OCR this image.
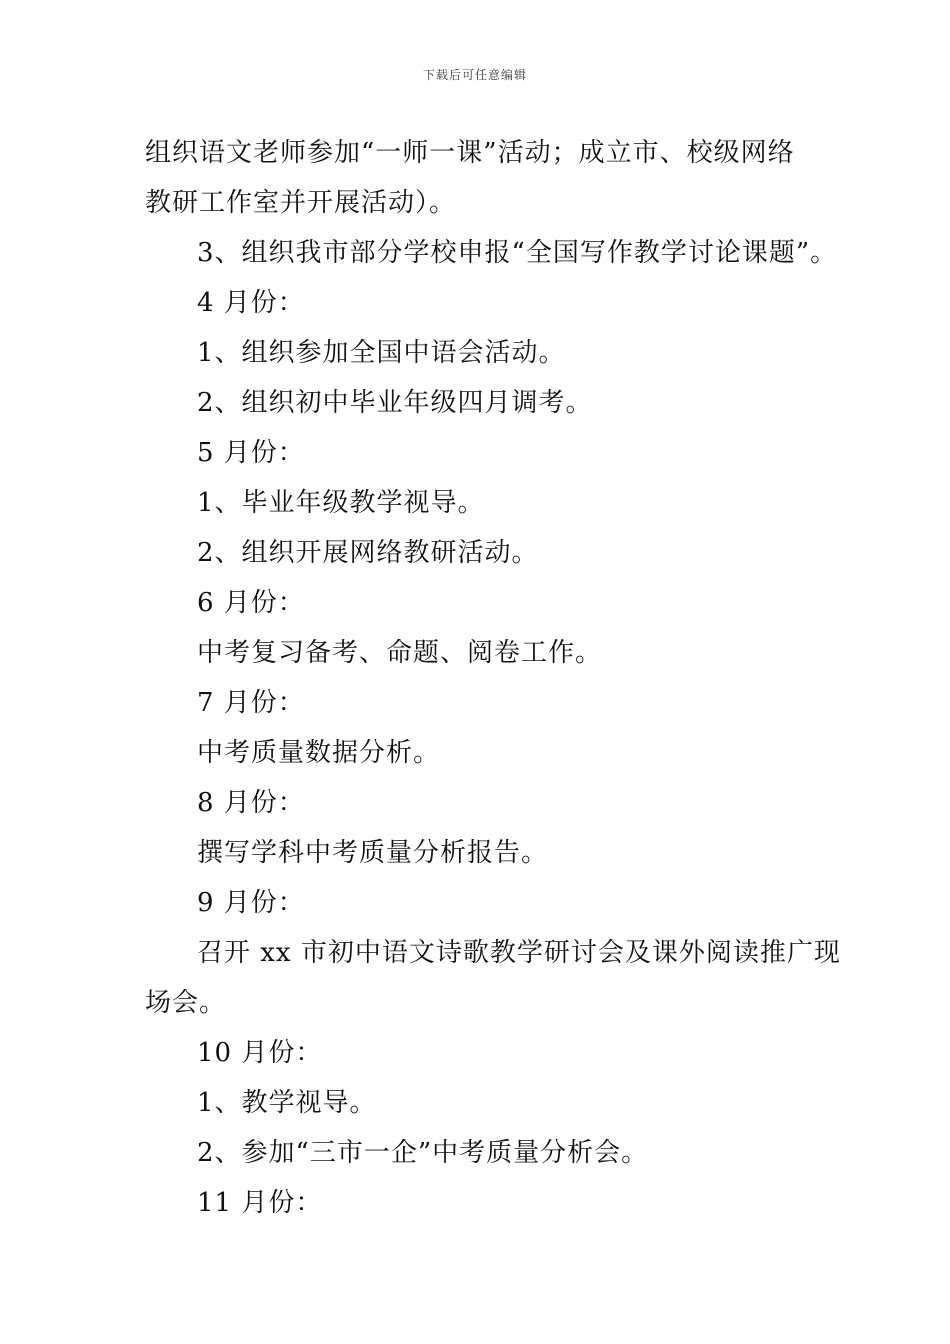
下载后可任意编辑
组织语文老师参加“一师一课”活动；成立市、校级网络
教研工作室并开展活动）。
3、组织我市部分学校申报“全国写作教学讨论课题”。
4 月份：
1、组织参加全国中语会活动。
2、组织初中毕业年级四月调考。
5 月份：
1、毕业年级教学视导。
2、组织开展网络教研活动。
6 月份：
中考复习备考、命题、阅卷工作。
7 月份：
中考质量数据分析。
8 月份：
撰写学科中考质量分析报告。
9 月份：
召开 xx 市初中语文诗歌教学研讨会及课外阅读推广现
场会。
10 月份：
1、教学视导。
2、参加“三市一企”中考质量分析会。
11 月份：
